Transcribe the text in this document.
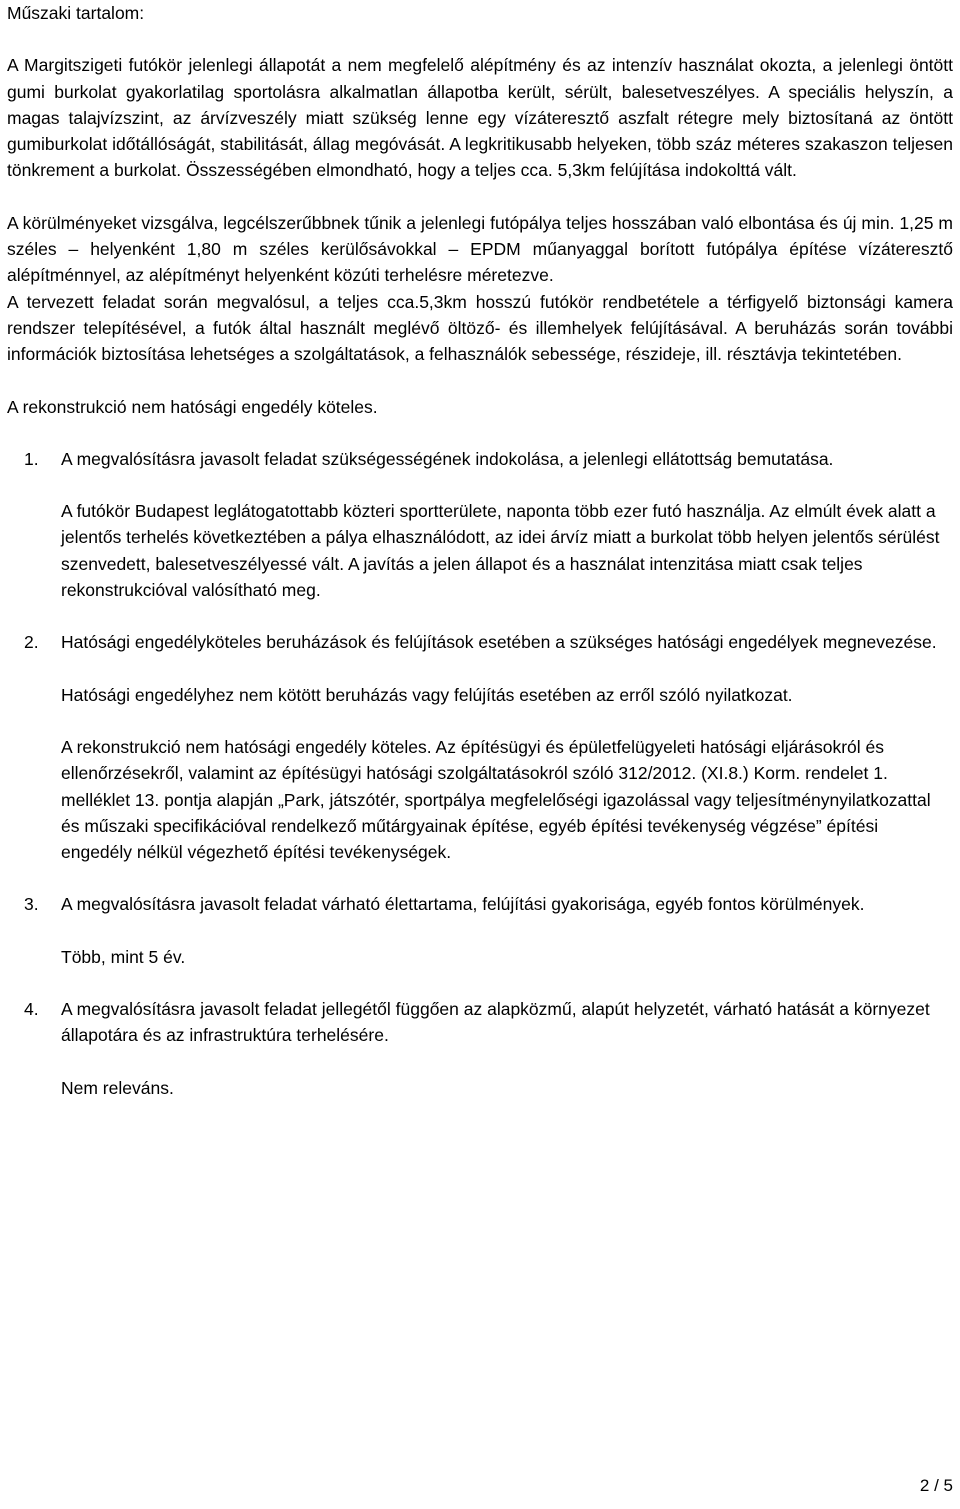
Műszaki tartalom:

A Margitszigeti futókör jelenlegi állapotát a nem megfelelő alépítmény és az intenzív használat okozta, a jelenlegi öntött gumi burkolat gyakorlatilag sportolásra alkalmatlan állapotba került, sérült, balesetveszélyes. A speciális helyszín, a magas talajvízszint, az árvízveszély miatt szükség lenne egy vízáteresztő aszfalt rétegre mely biztosítaná az öntött gumiburkolat időtállóságát, stabilitását, állag megóvását. A legkritikusabb helyeken, több száz méteres szakaszon teljesen tönkrement a burkolat. Összességében elmondható, hogy a teljes cca. 5,3km felújítása indokolttá vált.

A körülményeket vizsgálva, legcélszerűbbnek tűnik a jelenlegi futópálya teljes hosszában való elbontása és új min. 1,25 m széles – helyenként 1,80 m széles kerülősávokkal – EPDM műanyaggal borított futópálya építése vízáteresztő alépítménnyel, az alépítményt helyenként közúti terhelésre méretezve.

A tervezett feladat során megvalósul, a teljes cca.5,3km hosszú futókör rendbetétele a térfigyelő biztonsági kamera rendszer telepítésével, a futók által használt meglévő öltöző- és illemhelyek felújításával. A beruházás során további információk biztosítása lehetséges a szolgáltatások, a felhasználók sebessége, részideje, ill. résztávja tekintetében.

A rekonstrukció nem hatósági engedély köteles.

1. A megvalósításra javasolt feladat szükségességének indokolása, a jelenlegi ellátottság bemutatása.

A futókör Budapest leglátogatottabb közteri sportterülete, naponta több ezer futó használja. Az elmúlt évek alatt a jelentős terhelés következtében a pálya elhasználódott, az idei árvíz miatt a burkolat több helyen jelentős sérülést szenvedett, balesetveszélyessé vált. A javítás a jelen állapot és a használat intenzitása miatt csak teljes rekonstrukcióval valósítható meg.

2. Hatósági engedélyköteles beruházások és felújítások esetében a szükséges hatósági engedélyek megnevezése.

Hatósági engedélyhez nem kötött beruházás vagy felújítás esetében az erről szóló nyilatkozat.

A rekonstrukció nem hatósági engedély köteles. Az építésügyi és épületfelügyeleti hatósági eljárásokról és ellenőrzésekről, valamint az építésügyi hatósági szolgáltatásokról szóló 312/2012. (XI.8.) Korm. rendelet 1. melléklet 13. pontja alapján „Park, játszótér, sportpálya megfelelőségi igazolással vagy teljesítménynyilatkozattal és műszaki specifikációval rendelkező műtárgyainak építése, egyéb építési tevékenység végzése” építési engedély nélkül végezhető építési tevékenységek.

3. A megvalósításra javasolt feladat várható élettartama, felújítási gyakorisága, egyéb fontos körülmények.

Több, mint 5 év.

4. A megvalósításra javasolt feladat jellegétől függően az alapközmű, alapút helyzetét, várható hatását a környezet állapotára és az infrastruktúra terhelésére.

Nem releváns.

2 / 5
